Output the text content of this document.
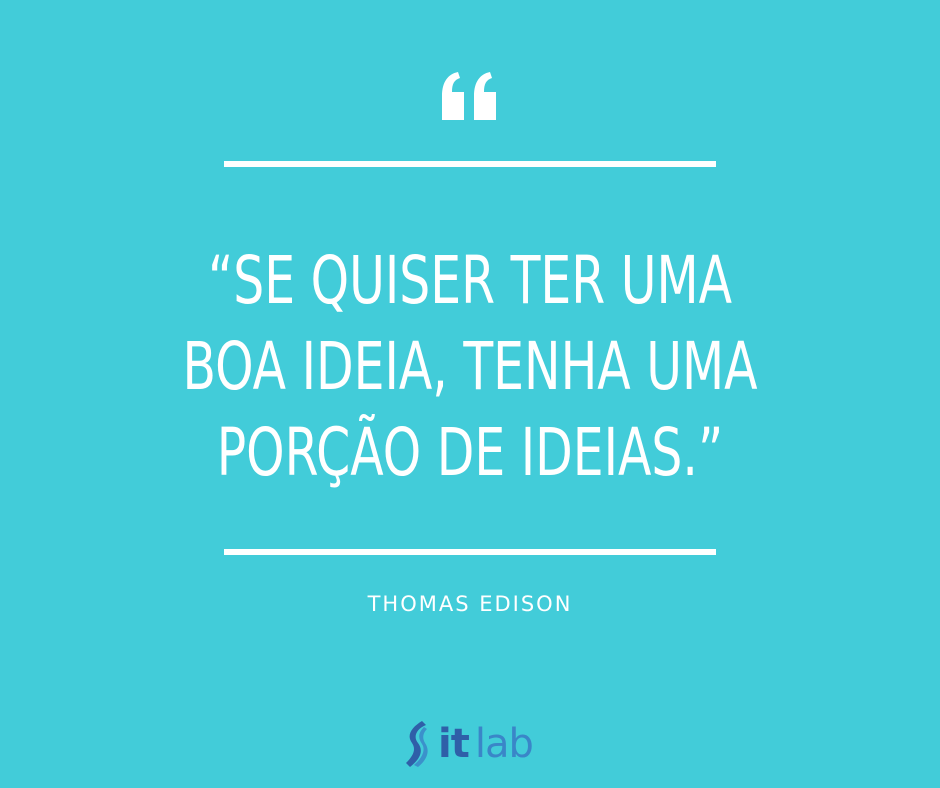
“SE QUISER TER UMA
BOA IDEIA, TENHA UMA
PORÇÃO DE IDEIAS.”
THOMAS EDISON
it lab
